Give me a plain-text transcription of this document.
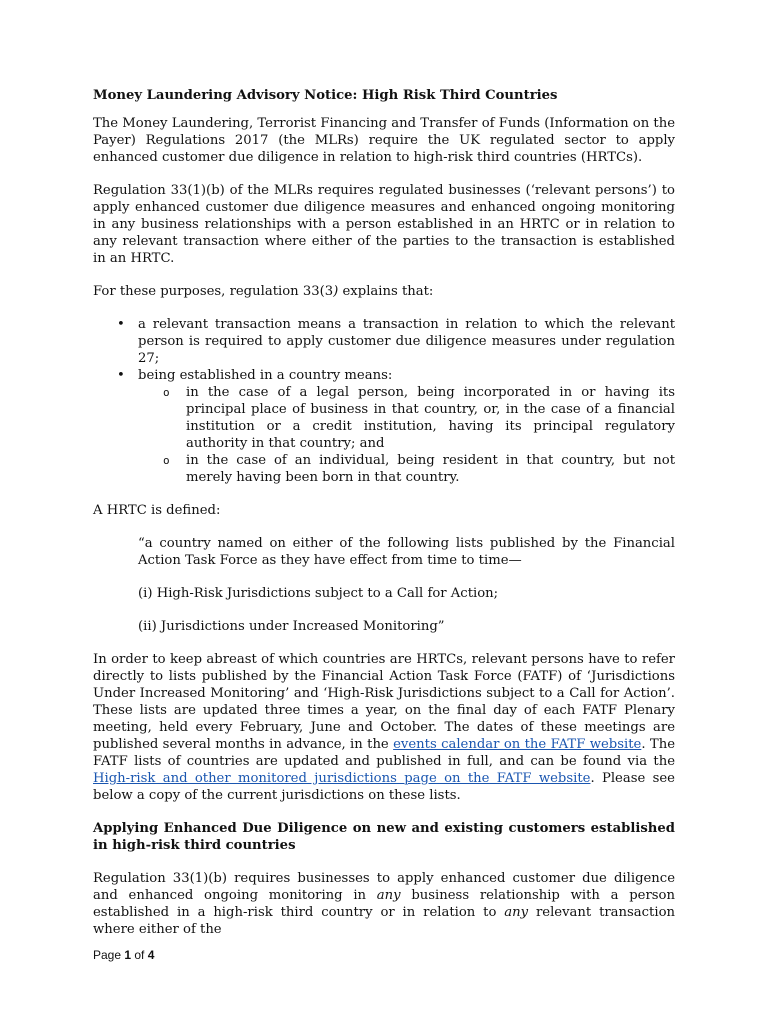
Money Laundering Advisory Notice: High Risk Third Countries

The Money Laundering, Terrorist Financing and Transfer of Funds (Information on the Payer) Regulations 2017 (the MLRs) require the UK regulated sector to apply enhanced customer due diligence in relation to high-risk third countries (HRTCs).

Regulation 33(1)(b) of the MLRs requires regulated businesses (‘relevant persons’) to apply enhanced customer due diligence measures and enhanced ongoing monitoring in any business relationships with a person established in an HRTC or in relation to any relevant transaction where either of the parties to the transaction is established in an HRTC.

For these purposes, regulation 33(3) explains that:

• a relevant transaction means a transaction in relation to which the relevant person is required to apply customer due diligence measures under regulation 27;
• being established in a country means:
o in the case of a legal person, being incorporated in or having its principal place of business in that country, or, in the case of a financial institution or a credit institution, having its principal regulatory authority in that country; and
o in the case of an individual, being resident in that country, but not merely having been born in that country.

A HRTC is defined:

“a country named on either of the following lists published by the Financial Action Task Force as they have effect from time to time—

(i) High-Risk Jurisdictions subject to a Call for Action;

(ii) Jurisdictions under Increased Monitoring”

In order to keep abreast of which countries are HRTCs, relevant persons have to refer directly to lists published by the Financial Action Task Force (FATF) of ‘Jurisdictions Under Increased Monitoring’ and ‘High-Risk Jurisdictions subject to a Call for Action’. These lists are updated three times a year, on the final day of each FATF Plenary meeting, held every February, June and October. The dates of these meetings are published several months in advance, in the events calendar on the FATF website. The FATF lists of countries are updated and published in full, and can be found via the High-risk and other monitored jurisdictions page on the FATF website. Please see below a copy of the current jurisdictions on these lists.

Applying Enhanced Due Diligence on new and existing customers established in high-risk third countries

Regulation 33(1)(b) requires businesses to apply enhanced customer due diligence and enhanced ongoing monitoring in any business relationship with a person established in a high-risk third country or in relation to any relevant transaction where either of the

Page 1 of 4
